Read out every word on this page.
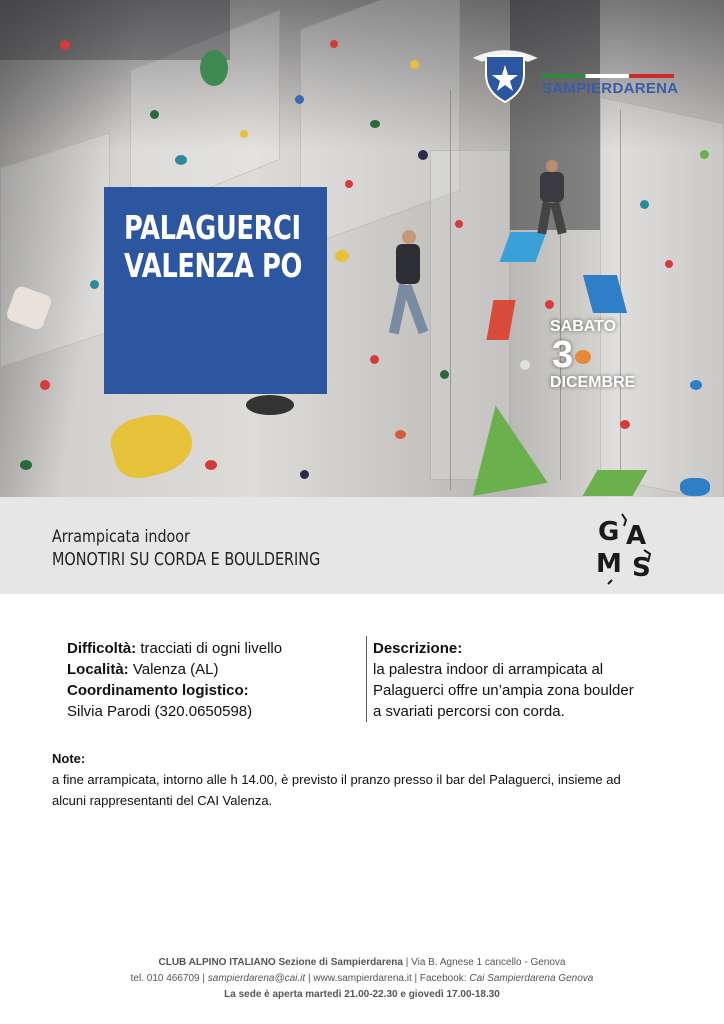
SAMPIERDARENA
PALAGUERCI
VALENZA PO
SABATO
3
DICEMBRE
Arrampicata indoor
MONOTIRI SU CORDA E BOULDERING
G A
M S
Difficoltà: tracciati di ogni livello
Località: Valenza (AL)
Coordinamento logistico:
Silvia Parodi (320.0650598)
Descrizione:
la palestra indoor di arrampicata al
Palaguerci offre un’ampia zona boulder
a svariati percorsi con corda.
Note:
a fine arrampicata, intorno alle h 14.00, è previsto il pranzo presso il bar del Palaguerci, insieme ad
alcuni rappresentanti del CAI Valenza.
CLUB ALPINO ITALIANO Sezione di Sampierdarena | Via B. Agnese 1 cancello - Genova
tel. 010 466709 | sampierdarena@cai.it | www.sampierdarena.it | Facebook: Cai Sampierdarena Genova
La sede è aperta martedì 21.00-22.30 e giovedì 17.00-18.30
